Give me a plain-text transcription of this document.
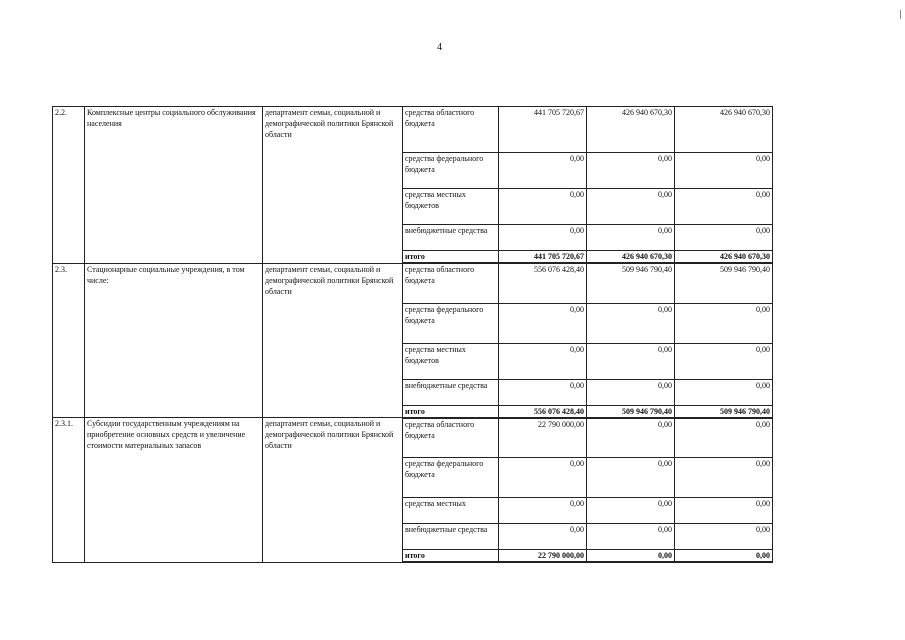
4
2.2.	Комплексные центры социального обслуживания населения	департамент семьи, социальной и демографической политики Брянской области	средства областного бюджета	441 705 720,67	426 940 670,30	426 940 670,30	
			средства федерального бюджета	0,00	0,00	0,00	
			средства местных бюджетов	0,00	0,00	0,00	
			внебюджетные средства	0,00	0,00	0,00	
			итого	441 705 720,67	426 940 670,30	426 940 670,30	
2.3.	Стационарные социальные учреждения, в том числе:	департамент семьи, социальной и демографической политики Брянской области	средства областного бюджета	556 076 428,40	509 946 790,40	509 946 790,40	
			средства федерального бюджета	0,00	0,00	0,00	
			средства местных бюджетов	0,00	0,00	0,00	
			внебюджетные средства	0,00	0,00	0,00	
			итого	556 076 428,40	509 946 790,40	509 946 790,40	
2.3.1.	Субсидии государственным учреждениям на приобретение основных средств и увеличение стоимости материальных запасов	департамент семьи, социальной и демографической политики Брянской области	средства областного бюджета	22 790 000,00	0,00	0,00	
			средства федерального бюджета	0,00	0,00	0,00	
			средства местных	0,00	0,00	0,00	
			внебюджетные средства	0,00	0,00	0,00	
			итого	22 790 000,00	0,00	0,00	
